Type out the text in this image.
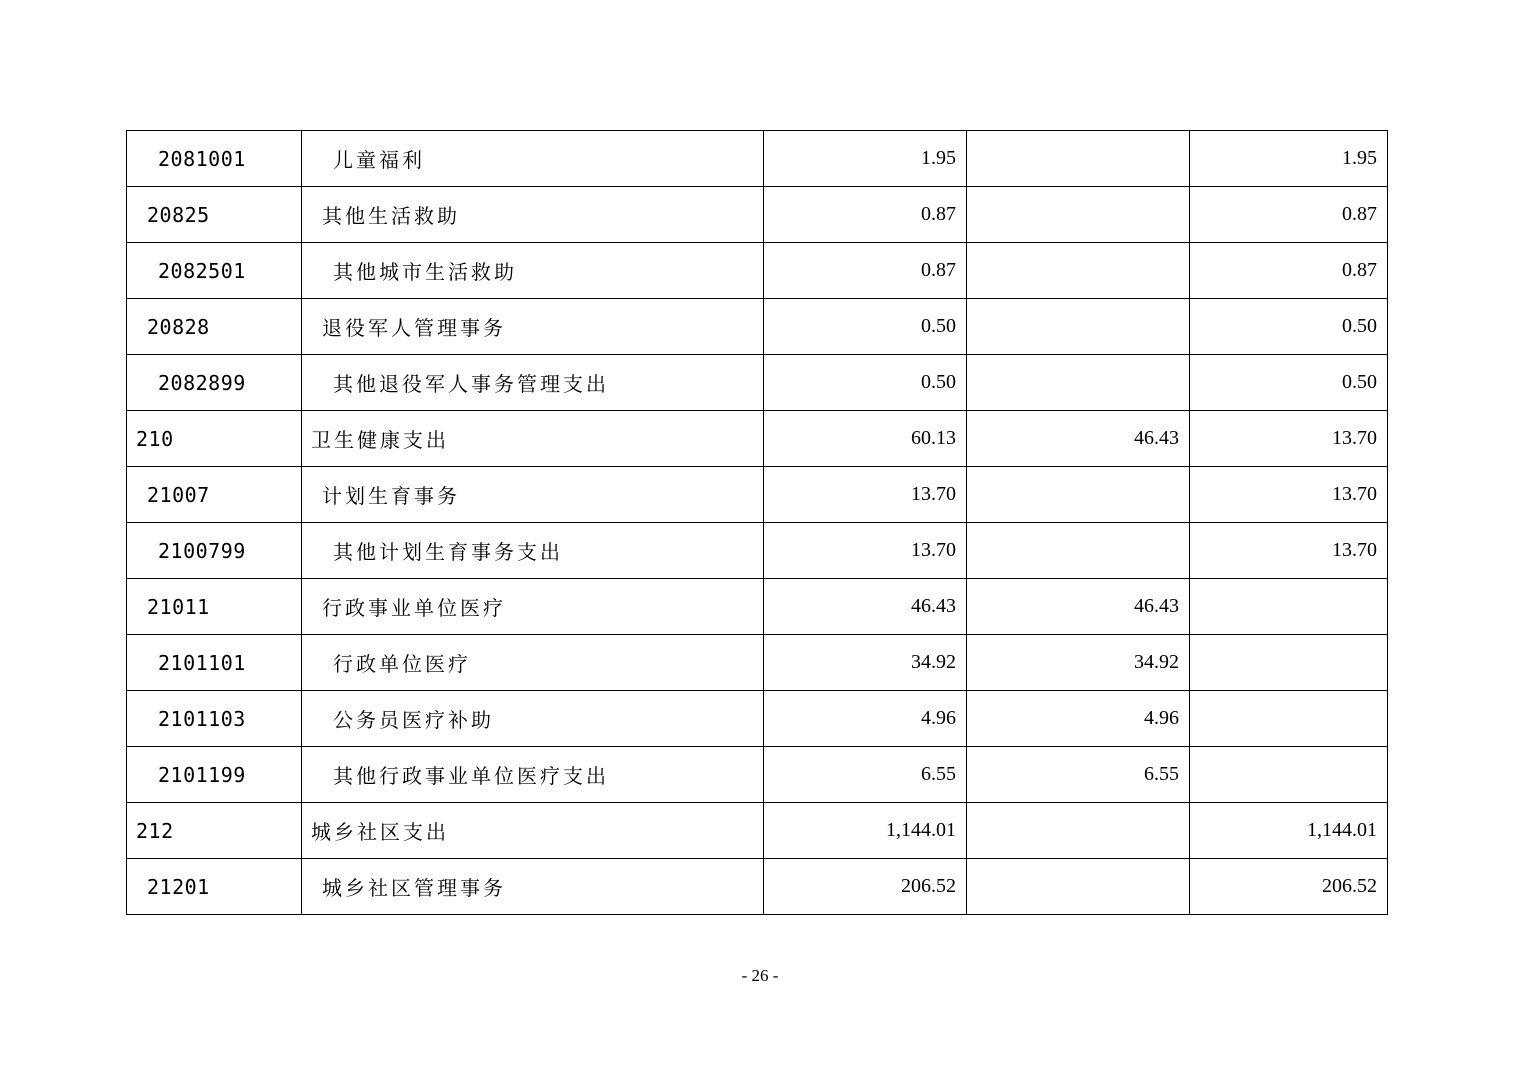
2081001	儿童福利	1.95		1.95
20825	其他生活救助	0.87		0.87
2082501	其他城市生活救助	0.87		0.87
20828	退役军人管理事务	0.50		0.50
2082899	其他退役军人事务管理支出	0.50		0.50
210	卫生健康支出	60.13	46.43	13.70
21007	计划生育事务	13.70		13.70
2100799	其他计划生育事务支出	13.70		13.70
21011	行政事业单位医疗	46.43	46.43	
2101101	行政单位医疗	34.92	34.92	
2101103	公务员医疗补助	4.96	4.96	
2101199	其他行政事业单位医疗支出	6.55	6.55	
212	城乡社区支出	1,144.01		1,144.01
21201	城乡社区管理事务	206.52		206.52
- 26 -
